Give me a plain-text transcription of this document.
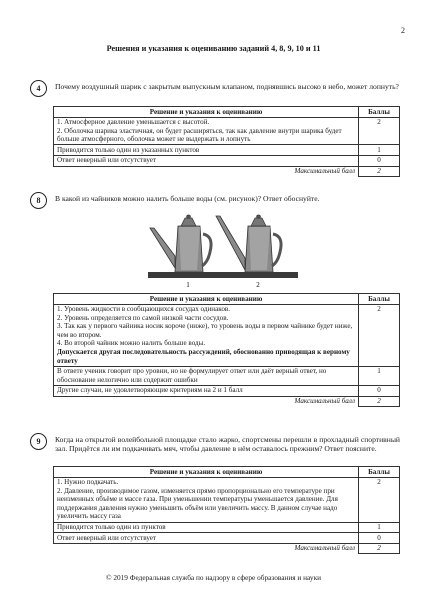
2
Решения и указания к оцениванию заданий 4, 8, 9, 10 и 11
4	Почему воздушный шарик с закрытым выпускным клапаном, поднявшись высоко в небо, может лопнуть?
Решение и указания к оцениванию	Баллы

1. Атмосферное давление уменьшается с высотой.

2. Оболочка шарика эластичная, он будет расширяться, так как давление внутри шарика будет больше атмосферного, оболочка может не выдержать и лопнуть	2
Приводится только один из указанных пунктов	1
Ответ неверный или отсутствует	0
Максимальный балл	2
8	В какой из чайников можно налить больше воды (см. рисунок)? Ответ обоснуйте.
1	2
Решение и указания к оцениванию	Баллы

1. Уровень жидкости в сообщающихся сосудах одинаков.

2. Уровень определяется по самой низкой части сосудов.

3. Так как у первого чайника носик короче (ниже), то уровень воды в первом чайнике будет ниже, чем во втором.

4. Во второй чайник можно налить больше воды.

Допускается другая последовательность рассуждений, обоснованно приводящая к верному ответу	2
В ответе ученик говорит про уровни, но не формулирует ответ или даёт верный ответ, но обоснование нелогично или содержит ошибки	1
Другие случаи, не удовлетворяющие критериям на 2 и 1 балл	0
Максимальный балл	2
9	Когда на открытой волейбольной площадке стало жарко, спортсмены перешли в прохладный спортивный зал. Придётся ли им подкачивать мяч, чтобы давление в нём оставалось прежним? Ответ поясните.
Решение и указания к оцениванию	Баллы

1. Нужно подкачать.

2. Давление, производимое газом, изменяется прямо пропорционально его температуре при неизменных объёме и массе газа. При уменьшении температуры уменьшается давление. Для поддержания давления нужно уменьшить объём или увеличить массу. В данном случае надо увеличить массу газа	2
Приводится только один из пунктов	1
Ответ неверный или отсутствует	0
Максимальный балл	2
© 2019 Федеральная служба по надзору в сфере образования и науки
